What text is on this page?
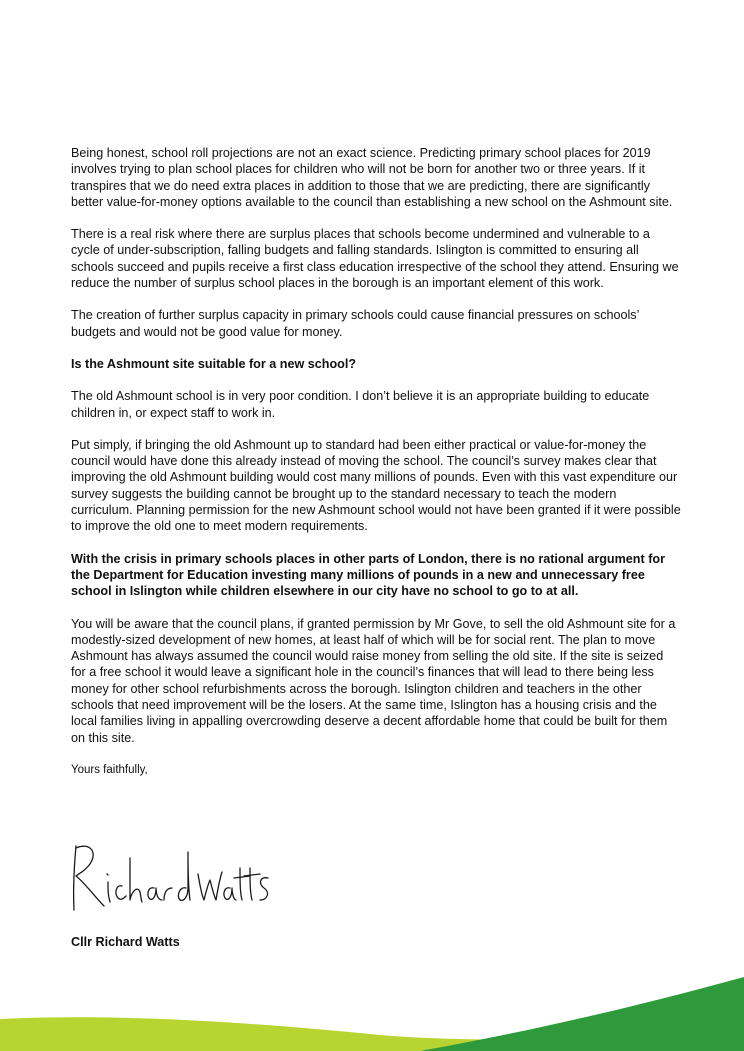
Being honest, school roll projections are not an exact science. Predicting primary school places for 2019 involves trying to plan school places for children who will not be born for another two or three years. If it transpires that we do need extra places in addition to those that we are predicting, there are significantly better value-for-money options available to the council than establishing a new school on the Ashmount site.

There is a real risk where there are surplus places that schools become undermined and vulnerable to a cycle of under-subscription, falling budgets and falling standards. Islington is committed to ensuring all schools succeed and pupils receive a first class education irrespective of the school they attend. Ensuring we reduce the number of surplus school places in the borough is an important element of this work.

The creation of further surplus capacity in primary schools could cause financial pressures on schools’ budgets and would not be good value for money.

Is the Ashmount site suitable for a new school?

The old Ashmount school is in very poor condition. I don’t believe it is an appropriate building to educate children in, or expect staff to work in.

Put simply, if bringing the old Ashmount up to standard had been either practical or value-for-money the council would have done this already instead of moving the school. The council’s survey makes clear that improving the old Ashmount building would cost many millions of pounds. Even with this vast expenditure our survey suggests the building cannot be brought up to the standard necessary to teach the modern curriculum. Planning permission for the new Ashmount school would not have been granted if it were possible to improve the old one to meet modern requirements.

With the crisis in primary schools places in other parts of London, there is no rational argument for the Department for Education investing many millions of pounds in a new and unnecessary free school in Islington while children elsewhere in our city have no school to go to at all.

You will be aware that the council plans, if granted permission by Mr Gove, to sell the old Ashmount site for a modestly-sized development of new homes, at least half of which will be for social rent. The plan to move Ashmount has always assumed the council would raise money from selling the old site. If the site is seized for a free school it would leave a significant hole in the council’s finances that will lead to there being less money for other school refurbishments across the borough. Islington children and teachers in the other schools that need improvement will be the losers. At the same time, Islington has a housing crisis and the local families living in appalling overcrowding deserve a decent affordable home that could be built for them on this site.

Yours faithfully,

Cllr Richard Watts
